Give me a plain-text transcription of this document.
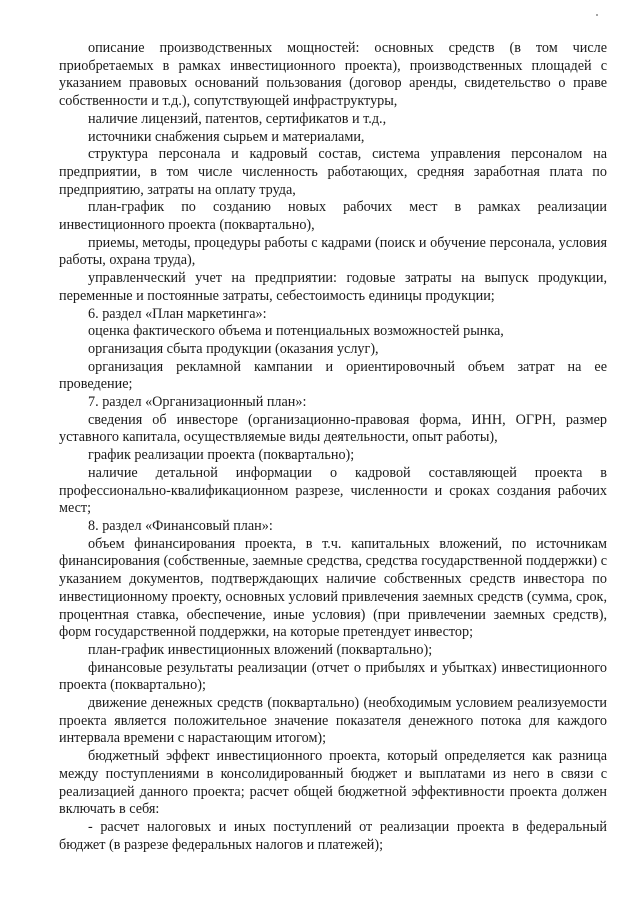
описание производственных мощностей: основных средств (в том числе приобретаемых в рамках инвестиционного проекта), производственных площадей с указанием правовых оснований пользования (договор аренды, свидетельство о праве собственности и т.д.), сопутствующей инфраструктуры,

наличие лицензий, патентов, сертификатов и т.д.,

источники снабжения сырьем и материалами,

структура персонала и кадровый состав, система управления персоналом на предприятии, в том числе численность работающих, средняя заработная плата по предприятию, затраты на оплату труда,

план-график по созданию новых рабочих мест в рамках реализации инвестиционного проекта (поквартально),

приемы, методы, процедуры работы с кадрами (поиск и обучение персонала, условия работы, охрана труда),

управленческий учет на предприятии: годовые затраты на выпуск продукции, переменные и постоянные затраты, себестоимость единицы продукции;

6. раздел «План маркетинга»:

оценка фактического объема и потенциальных возможностей рынка,

организация сбыта продукции (оказания услуг),

организация рекламной кампании и ориентировочный объем затрат на ее проведение;

7. раздел «Организационный план»:

сведения об инвесторе (организационно-правовая форма, ИНН, ОГРН, размер уставного капитала, осуществляемые виды деятельности, опыт работы),

график реализации проекта (поквартально);

наличие детальной информации о кадровой составляющей проекта в профессионально-квалификационном разрезе, численности и сроках создания рабочих мест;

8. раздел «Финансовый план»:

объем финансирования проекта, в т.ч. капитальных вложений, по источникам финансирования (собственные, заемные средства, средства государственной поддержки) с указанием документов, подтверждающих наличие собственных средств инвестора по инвестиционному проекту, основных условий привлечения заемных средств (сумма, срок, процентная ставка, обеспечение, иные условия) (при привлечении заемных средств), форм государственной поддержки, на которые претендует инвестор;

план-график инвестиционных вложений (поквартально);

финансовые результаты реализации (отчет о прибылях и убытках) инвестиционного проекта (поквартально);

движение денежных средств (поквартально) (необходимым условием реализуемости проекта является положительное значение показателя денежного потока для каждого интервала времени с нарастающим итогом);

бюджетный эффект инвестиционного проекта, который определяется как разница между поступлениями в консолидированный бюджет и выплатами из него в связи с реализацией данного проекта; расчет общей бюджетной эффективности проекта должен включать в себя:

- расчет налоговых и иных поступлений от реализации проекта в федеральный бюджет (в разрезе федеральных налогов и платежей);
